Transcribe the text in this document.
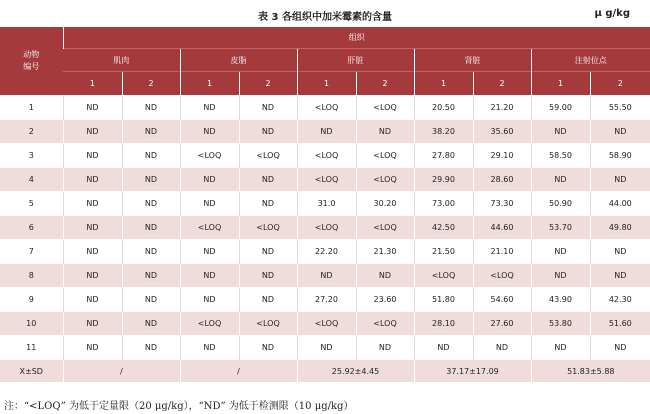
表 3 各组织中加米霉素的含量	μ g/kg
动物
编号	组织									
	肌肉		皮脂		肝脏		肾脏		注射位点	
	1	2	1	2	1	2	1	2	1	2
1	ND	ND	ND	ND	<LOQ	<LOQ	20.50	21.20	59.00	55.50
2	ND	ND	ND	ND	ND	ND	38.20	35.60	ND	ND
3	ND	ND	<LOQ	<LOQ	<LOQ	<LOQ	27.80	29.10	58.50	58.90
4	ND	ND	ND	ND	<LOQ	<LOQ	29.90	28.60	ND	ND
5	ND	ND	ND	ND	31.0	30.20	73.00	73.30	50.90	44.00
6	ND	ND	<LOQ	<LOQ	<LOQ	<LOQ	42.50	44.60	53.70	49.80
7	ND	ND	ND	ND	22.20	21.30	21.50	21.10	ND	ND
8	ND	ND	ND	ND	ND	ND	<LOQ	<LOQ	ND	ND
9	ND	ND	ND	ND	27.20	23.60	51.80	54.60	43.90	42.30
10	ND	ND	<LOQ	<LOQ	<LOQ	<LOQ	28.10	27.60	53.80	51.60
11	ND	ND	ND	ND	ND	ND	ND	ND	ND	ND
X±SD	/		/		25.92±4.45		37.17±17.09		51.83±5.88	
注：“<LOQ” 为低于定量限（20 μg/kg），“ND” 为低于检测限（10 μg/kg）
